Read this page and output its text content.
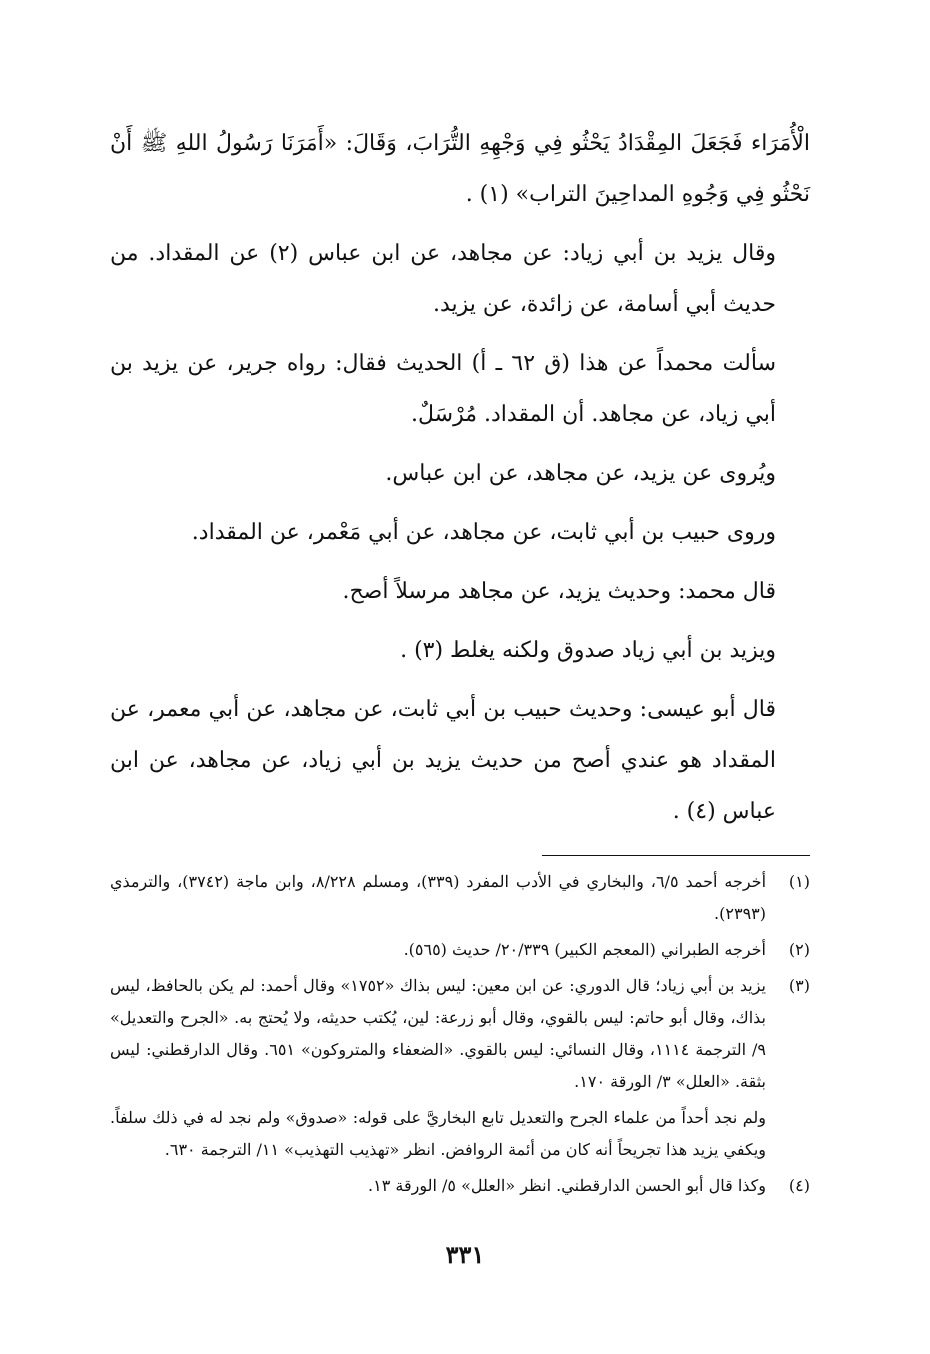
الْأُمَرَاء فَجَعَلَ المِقْدَادُ يَحْثُو فِي وَجْهِهِ التُّرَابَ، وَقَالَ: «أَمَرَنَا رَسُولُ اللهِ ﷺ أَنْ نَحْثُو فِي وَجُوهِ المداحِينَ التراب» (١) .

وقال يزيد بن أبي زياد: عن مجاهد، عن ابن عباس (٢) عن المقداد. من حديث أبي أسامة، عن زائدة، عن يزيد.

سألت محمداً عن هذا (ق ٦٢ ـ أ) الحديث فقال: رواه جرير، عن يزيد بن أبي زياد، عن مجاهد. أن المقداد. مُرْسَلٌ.

ويُروى عن يزيد، عن مجاهد، عن ابن عباس.

وروى حبيب بن أبي ثابت، عن مجاهد، عن أبي مَعْمر، عن المقداد.

قال محمد: وحديث يزيد، عن مجاهد مرسلاً أصح.

ويزيد بن أبي زياد صدوق ولكنه يغلط (٣) .

قال أبو عيسى: وحديث حبيب بن أبي ثابت، عن مجاهد، عن أبي معمر، عن المقداد هو عندي أصح من حديث يزيد بن أبي زياد، عن مجاهد، عن ابن عباس (٤) .

(١)
أخرجه أحمد ٦/٥، والبخاري في الأدب المفرد (٣٣٩)، ومسلم ٨/٢٢٨، وابن ماجة (٣٧٤٢)، والترمذي (٢٣٩٣).
(٢)
أخرجه الطبراني (المعجم الكبير) ٢٠/٣٣٩/ حديث (٥٦٥).
(٣)
يزيد بن أبي زياد؛ قال الدوري: عن ابن معين: ليس بذاك «١٧٥٢» وقال أحمد: لم يكن بالحافظ، ليس بذاك، وقال أبو حاتم: ليس بالقوي، وقال أبو زرعة: لين، يُكتب حديثه، ولا يُحتج به. «الجرح والتعديل» ٩/ الترجمة ١١١٤، وقال النسائي: ليس بالقوي. «الضعفاء والمتروكون» ٦٥١. وقال الدارقطني: ليس بثقة. «العلل» ٣/ الورقة ١٧٠.
ولم نجد أحداً من علماء الجرح والتعديل تابع البخاريَّ على قوله: «صدوق» ولم نجد له في ذلك سلفاً. ويكفي يزيد هذا تجريحاً أنه كان من أئمة الروافض. انظر «تهذيب التهذيب» ١١/ الترجمة ٦٣٠.
(٤)
وكذا قال أبو الحسن الدارقطني. انظر «العلل» ٥/ الورقة ١٣.
٣٣١
